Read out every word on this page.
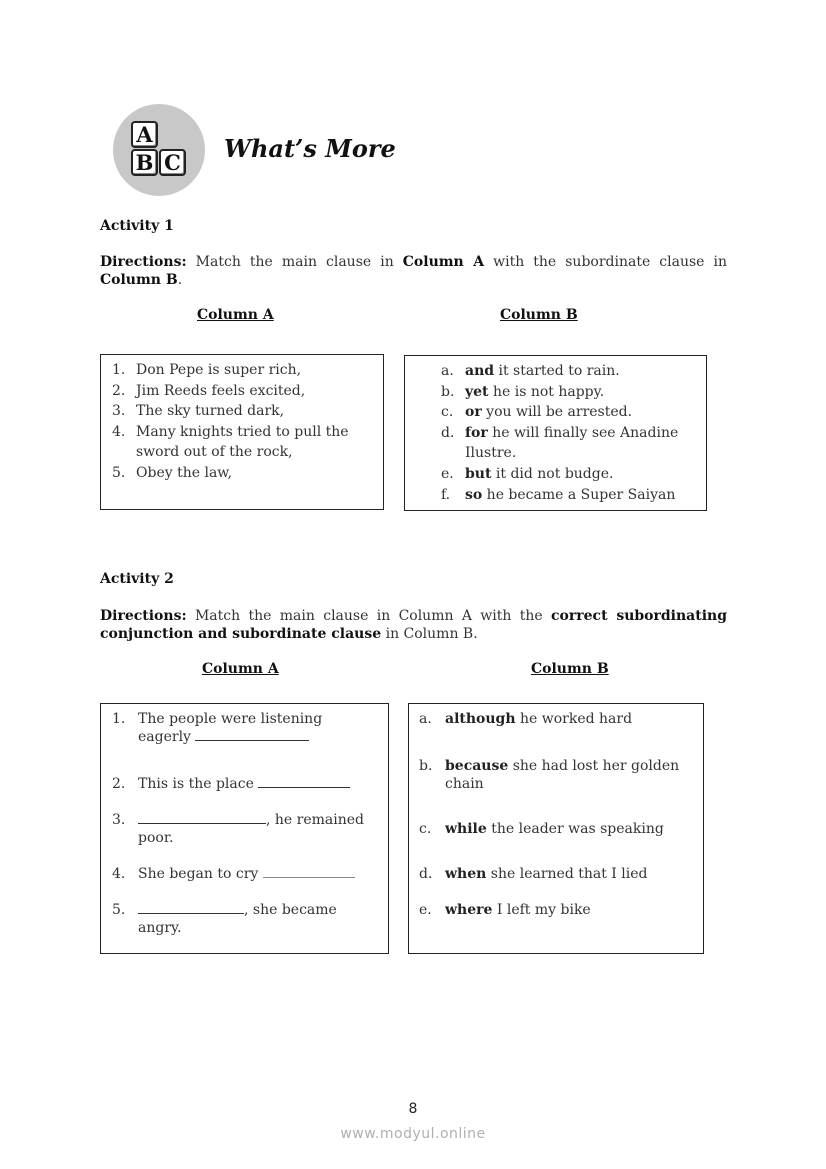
A
B C What’s More
Activity 1
Directions: Match the main clause in Column A with the subordinate clause in Column B.
Column A	Column B
1. Don Pepe is super rich,
2. Jim Reeds feels excited,
3. The sky turned dark,
4. Many knights tried to pull the sword out of the rock,
5. Obey the law,
a. and it started to rain.
b. yet he is not happy.
c. or you will be arrested.
d. for he will finally see Anadine Ilustre.
e. but it did not budge.
f.	so he became a Super Saiyan
Activity 2
Directions: Match the main clause in Column A with the correct subordinating conjunction and subordinate clause in Column B.
Column A	Column B
1. The people were listening eagerly
2. This is the place
3.	, he remained poor.
4. She began to cry
5.	, she became angry.
a. although he worked hard
b. because she had lost her golden chain
c. while the leader was speaking
d. when she learned that I lied
e. where I left my bike
8
www.modyul.online
